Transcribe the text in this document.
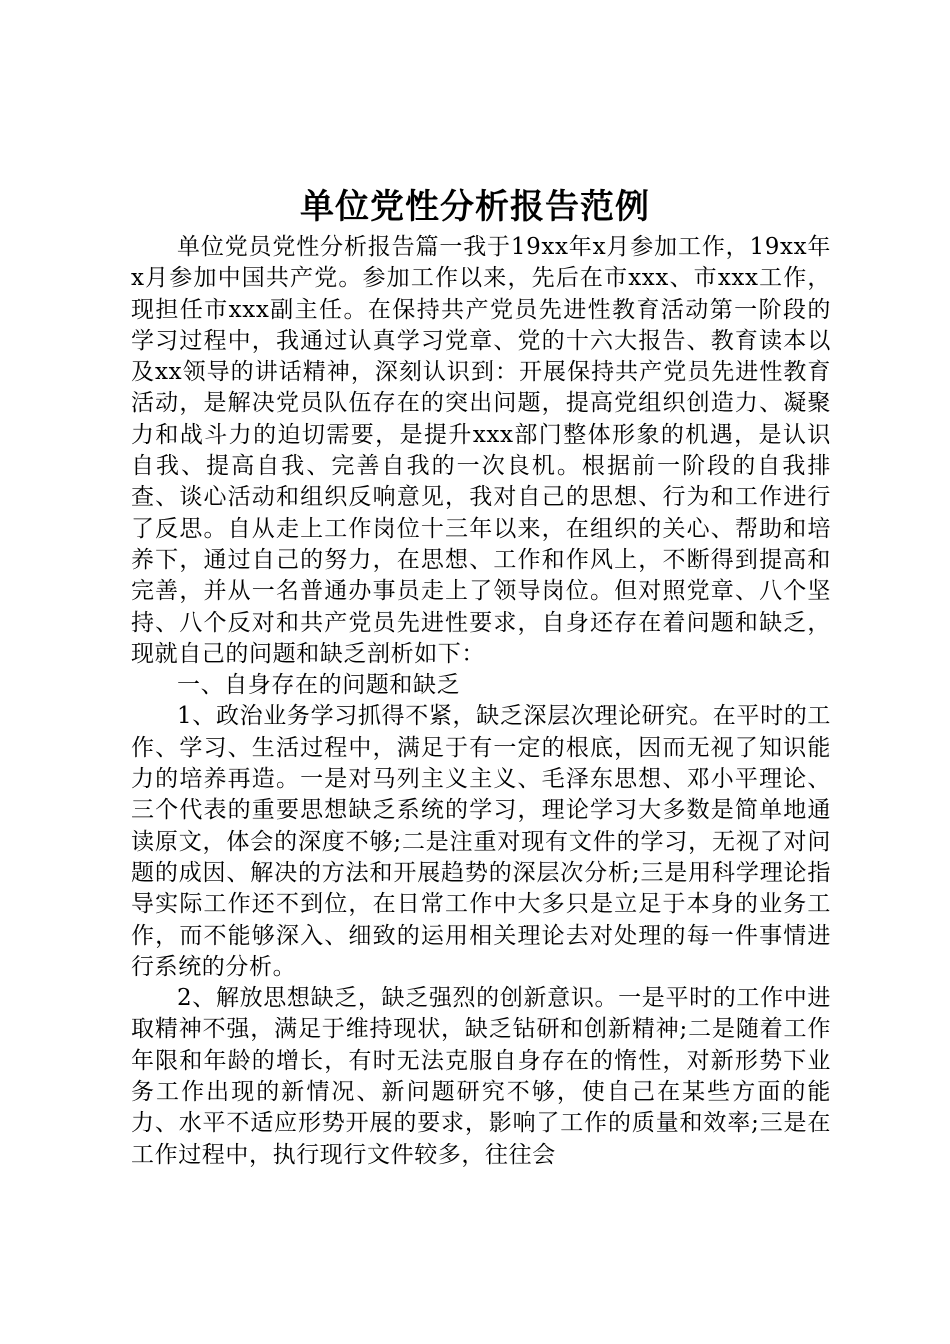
单位党性分析报告范例

单位党员党性分析报告篇一我于19xx年x月参加工作，19xx年x月参加中国共产党。参加工作以来，先后在市xxx、市xxx工作，现担任市xxx副主任。在保持共产党员先进性教育活动第一阶段的学习过程中，我通过认真学习党章、党的十六大报告、教育读本以及xx领导的讲话精神，深刻认识到：开展保持共产党员先进性教育活动，是解决党员队伍存在的突出问题，提高党组织创造力、凝聚力和战斗力的迫切需要，是提升xxx部门整体形象的机遇，是认识自我、提高自我、完善自我的一次良机。根据前一阶段的自我排查、谈心活动和组织反响意见，我对自己的思想、行为和工作进行了反思。自从走上工作岗位十三年以来，在组织的关心、帮助和培养下，通过自己的努力，在思想、工作和作风上，不断得到提高和完善，并从一名普通办事员走上了领导岗位。但对照党章、八个坚持、八个反对和共产党员先进性要求，自身还存在着问题和缺乏，现就自己的问题和缺乏剖析如下：

一、自身存在的问题和缺乏

1、政治业务学习抓得不紧，缺乏深层次理论研究。在平时的工作、学习、生活过程中，满足于有一定的根底，因而无视了知识能力的培养再造。一是对马列主义主义、毛泽东思想、邓小平理论、三个代表的重要思想缺乏系统的学习，理论学习大多数是简单地通读原文，体会的深度不够;二是注重对现有文件的学习，无视了对问题的成因、解决的方法和开展趋势的深层次分析;三是用科学理论指导实际工作还不到位，在日常工作中大多只是立足于本身的业务工作，而不能够深入、细致的运用相关理论去对处理的每一件事情进行系统的分析。

2、解放思想缺乏，缺乏强烈的创新意识。一是平时的工作中进取精神不强，满足于维持现状，缺乏钻研和创新精神;二是随着工作年限和年龄的增长，有时无法克服自身存在的惰性，对新形势下业务工作出现的新情况、新问题研究不够，使自己在某些方面的能力、水平不适应形势开展的要求，影响了工作的质量和效率;三是在工作过程中，执行现行文件较多，往往会
